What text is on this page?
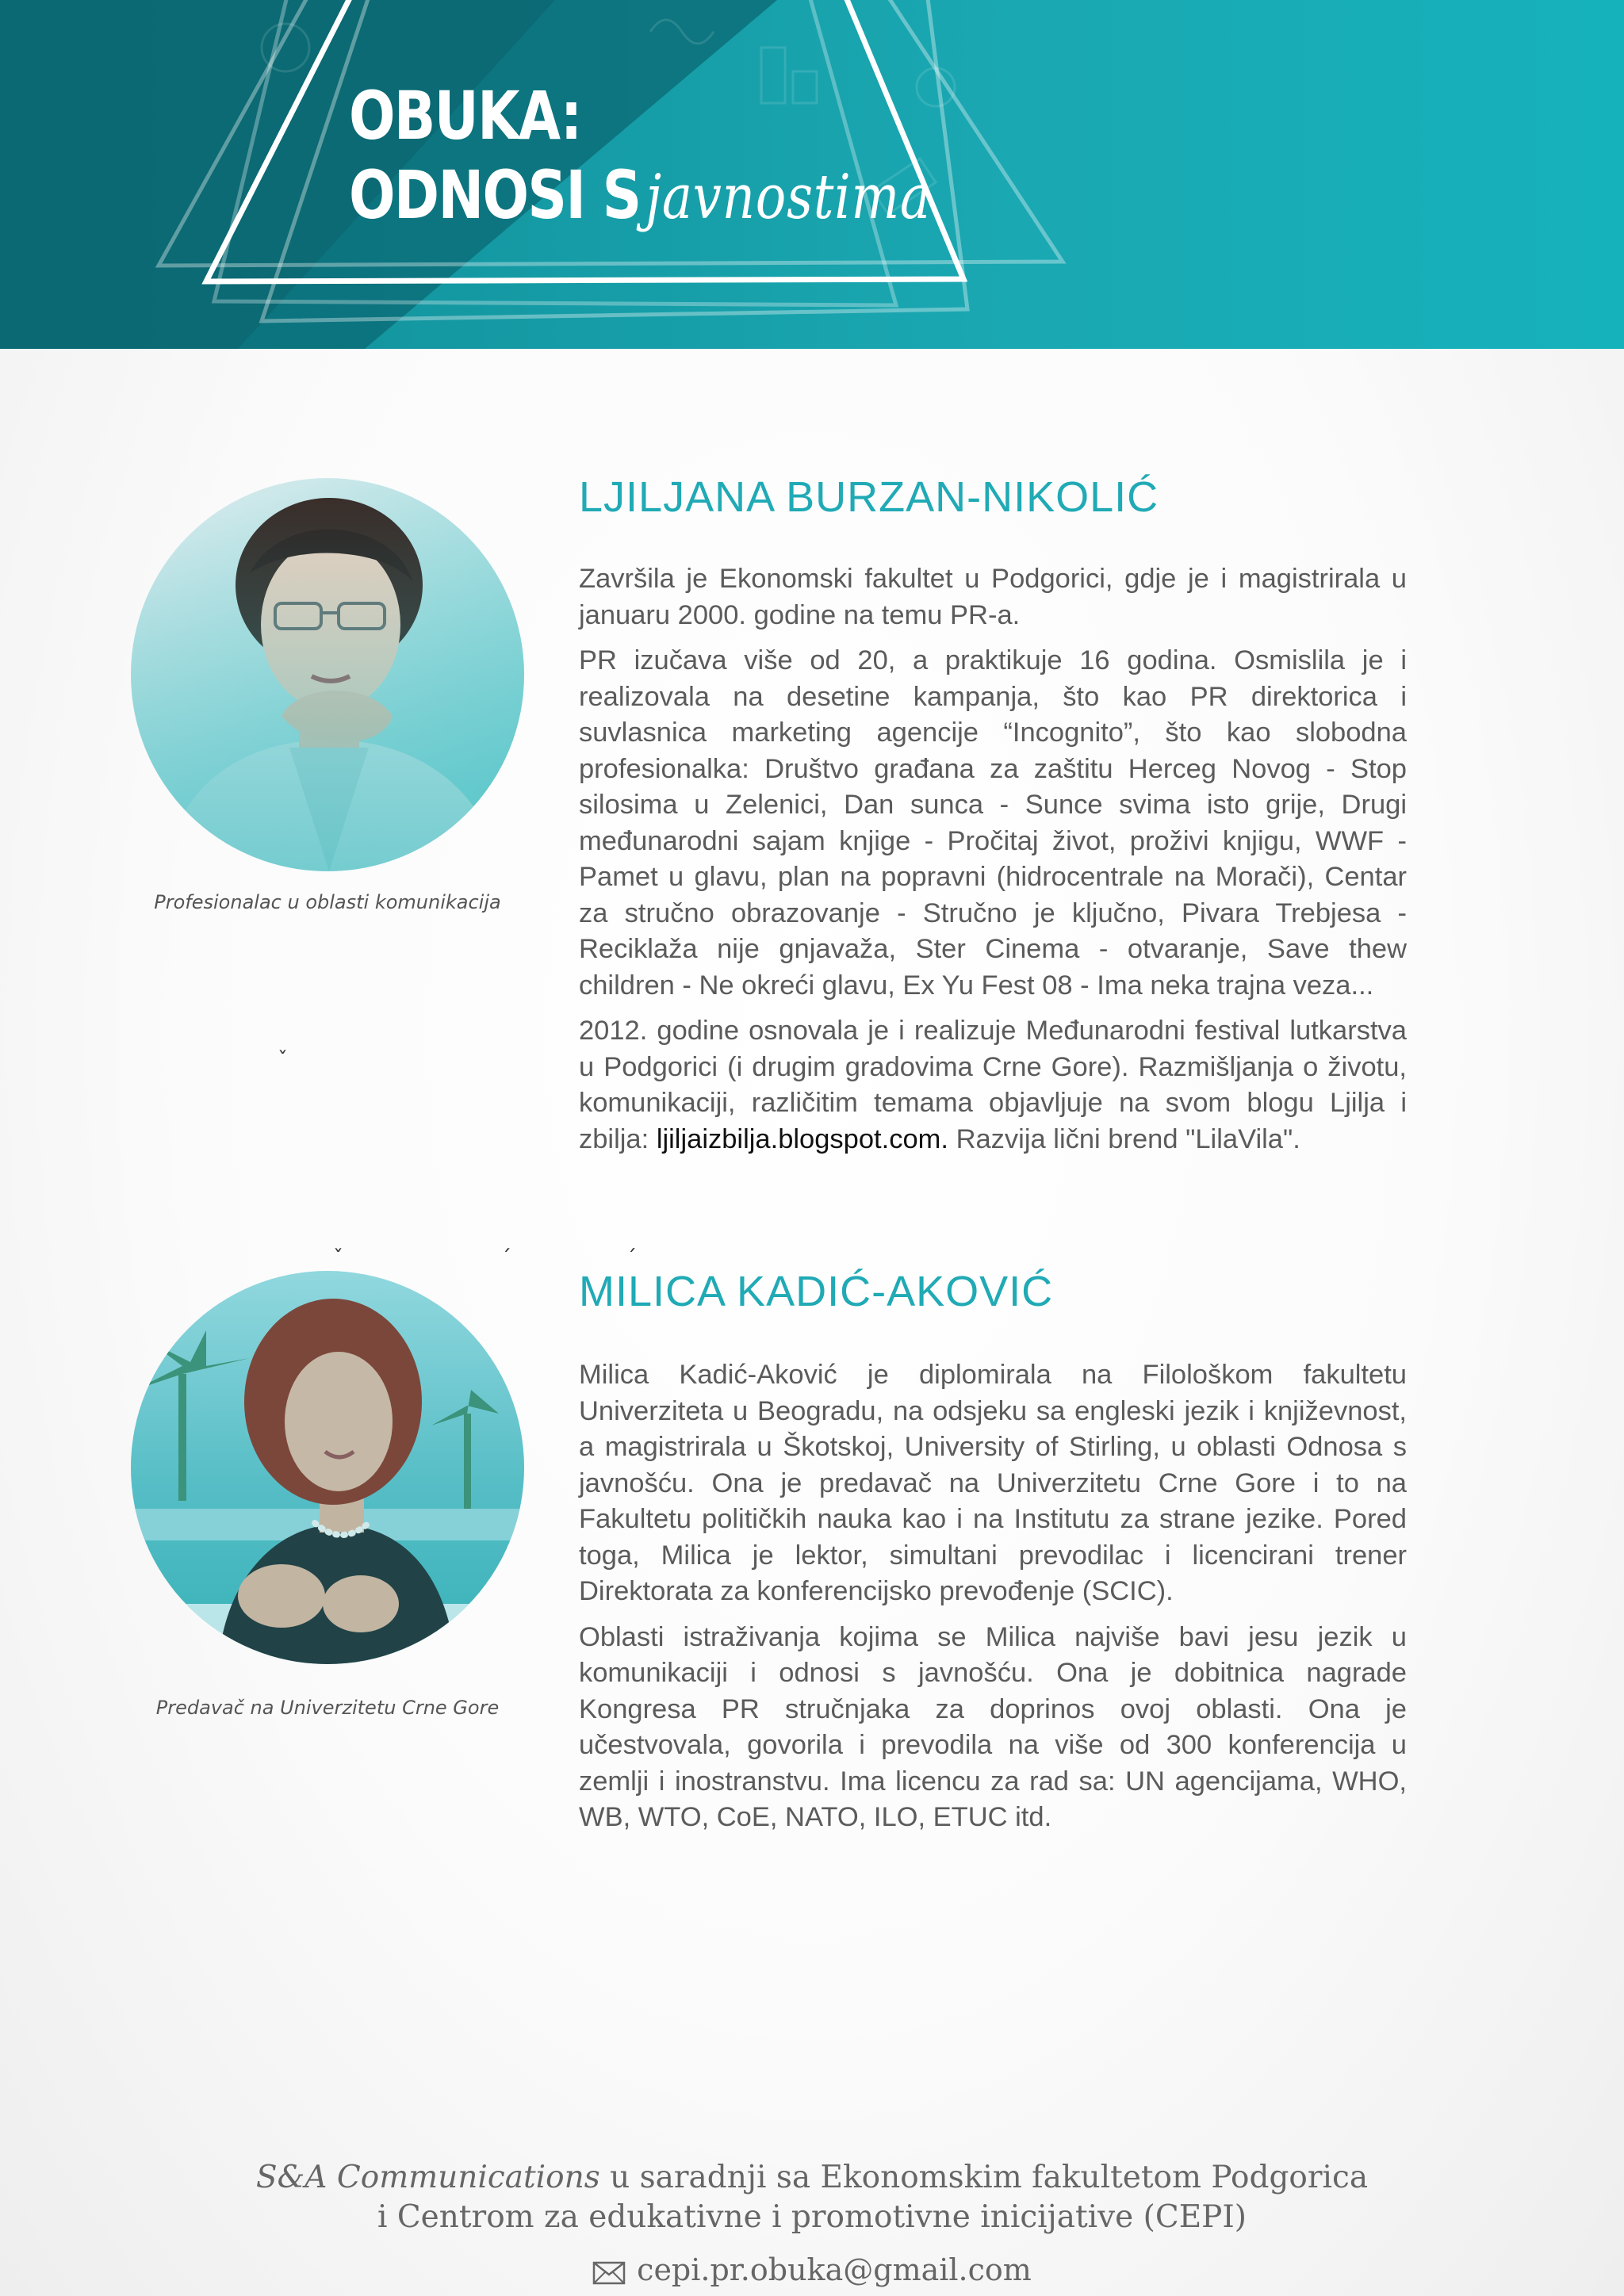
OBUKA:
ODNOSI Sjavnostima

Profesionalac u oblasti komunikacija

ˇ
LJILJANA BURZAN-NIKOLIĆ

Završila je Ekonomski fakultet u Podgorici, gdje je i magistrirala u januaru 2000. godine na temu PR-a.

PR izučava više od 20, a praktikuje 16 godina. Osmislila je i realizovala na desetine kampanja, što kao PR direktorica i suvlasnica marketing agencije “Incognito”, što kao slobodna profesionalka: Društvo građana za zaštitu Herceg Novog - Stop silosima u Zelenici, Dan sunca - Sunce svima isto grije, Drugi međunarodni sajam knjige - Pročitaj život, proživi knjigu, WWF - Pamet u glavu, plan na popravni (hidrocentrale na Morači), Centar za stručno obrazovanje - Stručno je ključno, Pivara Trebjesa - Reciklaža nije gnjavaža, Ster Cinema - otvaranje, Save thew children - Ne okreći glavu, Ex Yu Fest 08 - Ima neka trajna veza...

2012. godine osnovala je i realizuje Međunarodni festival lutkarstva u Podgorici (i drugim gradovima Crne Gore). Razmišljanja o životu, komunikaciji, različitim temama objavljuje na svom blogu Ljilja i zbilja: ljiljaizbilja.blogspot.com. Razvija lični brend "LilaVila".

Predavač na Univerzitetu Crne Gore

ˇ	´	´
MILICA KADIĆ-AKOVIĆ

Milica Kadić-Aković je diplomirala na Filološkom fakultetu Univerziteta u Beogradu, na odsjeku sa engleski jezik i književnost, a magistrirala u Škotskoj, University of Stirling, u oblasti Odnosa s javnošću. Ona je predavač na Univerzitetu Crne Gore i to na Fakultetu političkih nauka kao i na Institutu za strane jezike. Pored toga, Milica je lektor, simultani prevodilac i licencirani trener Direktorata za konferencijsko prevođenje (SCIC).

Oblasti istraživanja kojima se Milica najviše bavi jesu jezik u komunikaciji i odnosi s javnošću. Ona je dobitnica nagrade Kongresa PR stručnjaka za doprinos ovoj oblasti. Ona je učestvovala, govorila i prevodila na više od 300 konferencija u zemlji i inostranstvu. Ima licencu za rad sa: UN agencijama, WHO, WB, WTO, CoE, NATO, ILO, ETUC itd.

S&A Communications u saradnji sa Ekonomskim fakultetom Podgorica
i Centrom za edukativne i promotivne inicijative (CEPI)
cepi.pr.obuka@gmail.com
